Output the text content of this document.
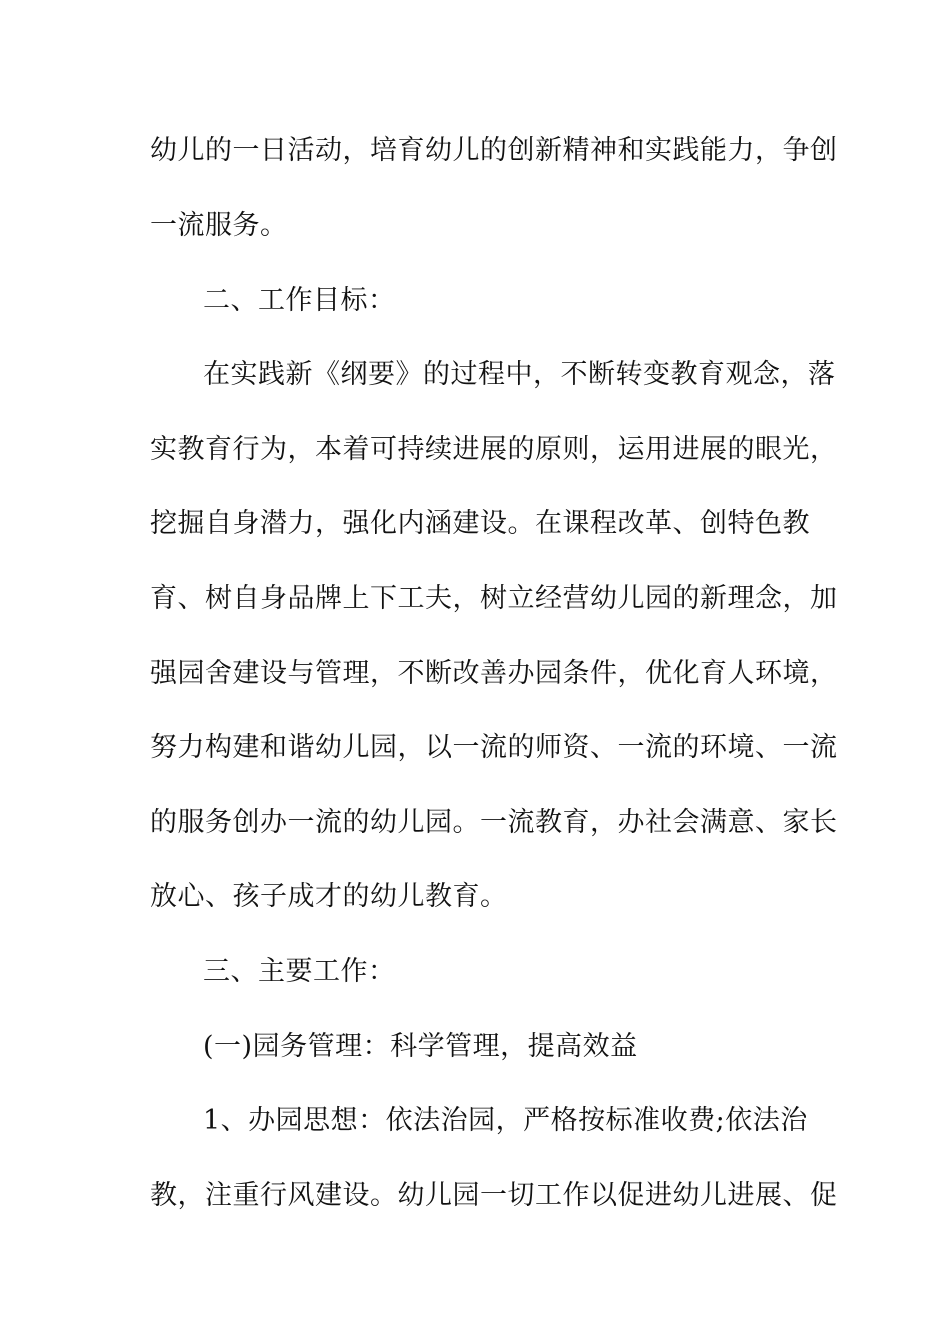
幼儿的一日活动，培育幼儿的创新精神和实践能力，争创
一流服务。
二、工作目标：
在实践新《纲要》的过程中，不断转变教育观念，落
实教育行为，本着可持续进展的原则，运用进展的眼光，
挖掘自身潜力，强化内涵建设。在课程改革、创特色教
育、树自身品牌上下工夫，树立经营幼儿园的新理念，加
强园舍建设与管理，不断改善办园条件，优化育人环境，
努力构建和谐幼儿园，以一流的师资、一流的环境、一流
的服务创办一流的幼儿园。一流教育，办社会满意、家长
放心、孩子成才的幼儿教育。
三、主要工作：
(一)园务管理：科学管理，提高效益
1、办园思想：依法治园，严格按标准收费;依法治
教，注重行风建设。幼儿园一切工作以促进幼儿进展、促
